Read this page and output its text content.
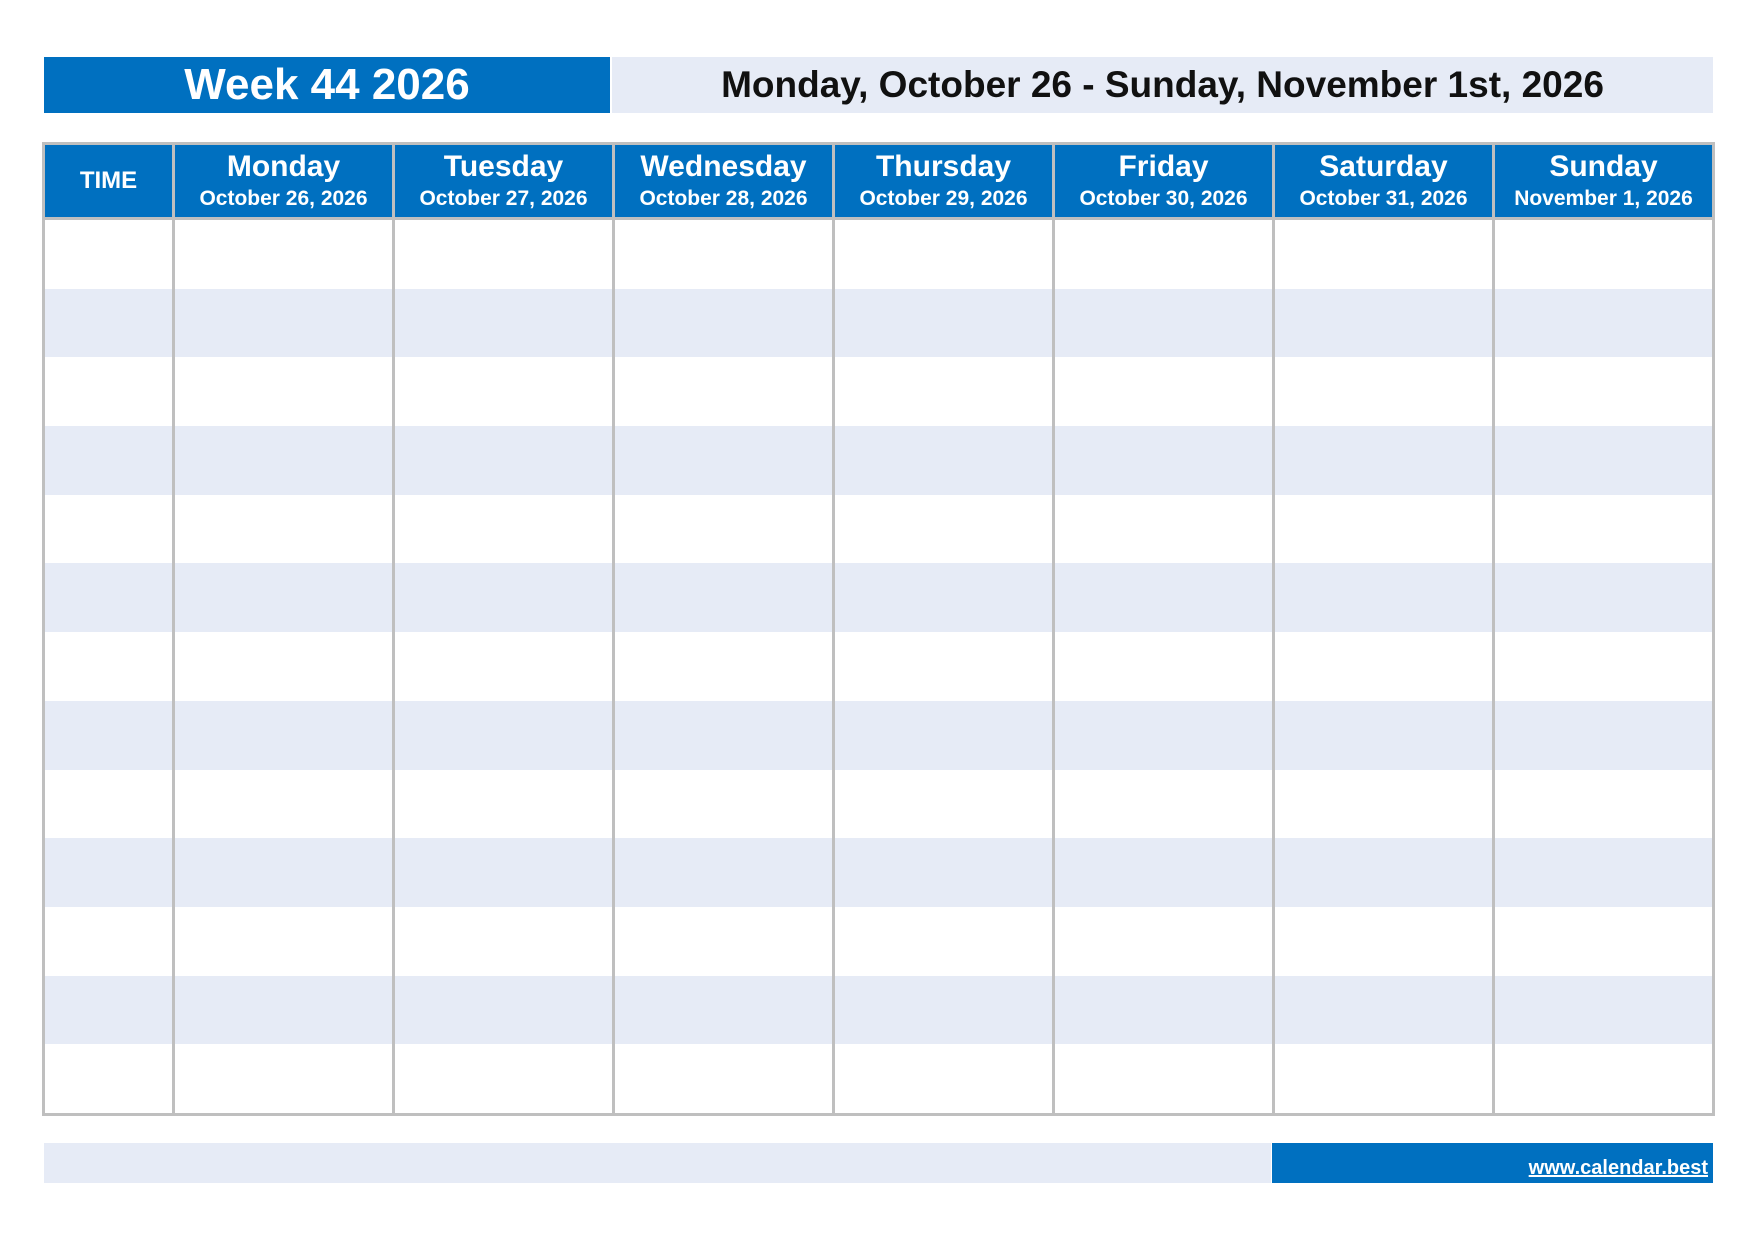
Week 44 2026	Monday, October 26 - Sunday, November 1st, 2026
TIME	Monday
October 26, 2026
Tuesday
October 27, 2026
Wednesday
October 28, 2026
Thursday
October 29, 2026
Friday
October 30, 2026
Saturday
October 31, 2026
Sunday
November 1, 2026
www.calendar.best
